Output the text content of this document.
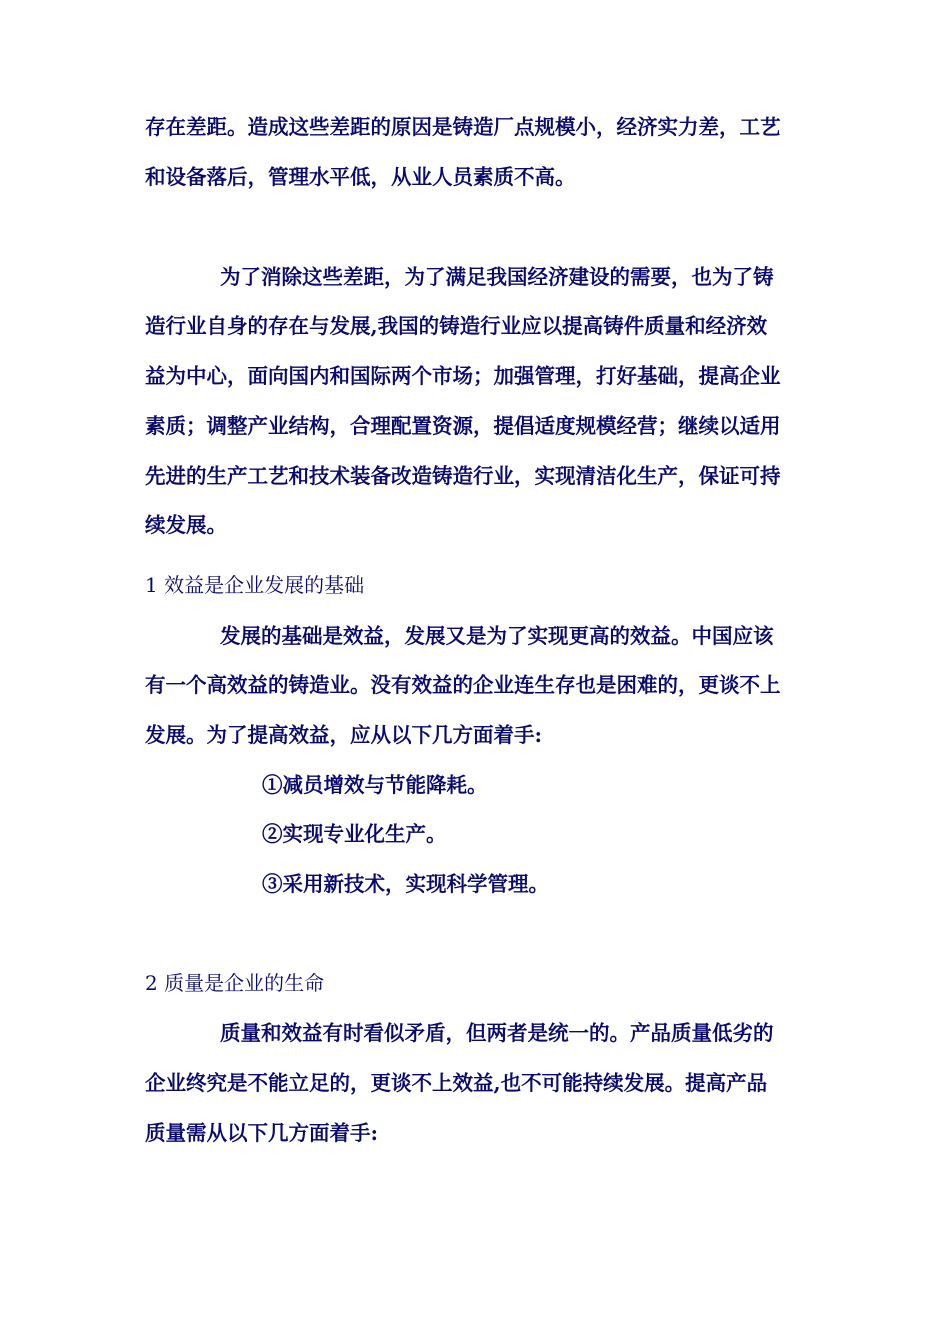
存在差距。造成这些差距的原因是铸造厂点规模小，经济实力差，工艺
和设备落后，管理水平低，从业人员素质不高。
为了消除这些差距，为了满足我国经济建设的需要，也为了铸
造行业自身的存在与发展,我国的铸造行业应以提高铸件质量和经济效
益为中心，面向国内和国际两个市场；加强管理，打好基础，提高企业
素质；调整产业结构，合理配置资源，提倡适度规模经营；继续以适用
先进的生产工艺和技术装备改造铸造行业，实现清洁化生产，保证可持
续发展。
1 效益是企业发展的基础
发展的基础是效益，发展又是为了实现更高的效益。中国应该
有一个高效益的铸造业。没有效益的企业连生存也是困难的，更谈不上
发展。为了提高效益，应从以下几方面着手:
①减员增效与节能降耗。
②实现专业化生产。
③采用新技术，实现科学管理。
2 质量是企业的生命
质量和效益有时看似矛盾，但两者是统一的。产品质量低劣的
企业终究是不能立足的，更谈不上效益,也不可能持续发展。提高产品
质量需从以下几方面着手:
